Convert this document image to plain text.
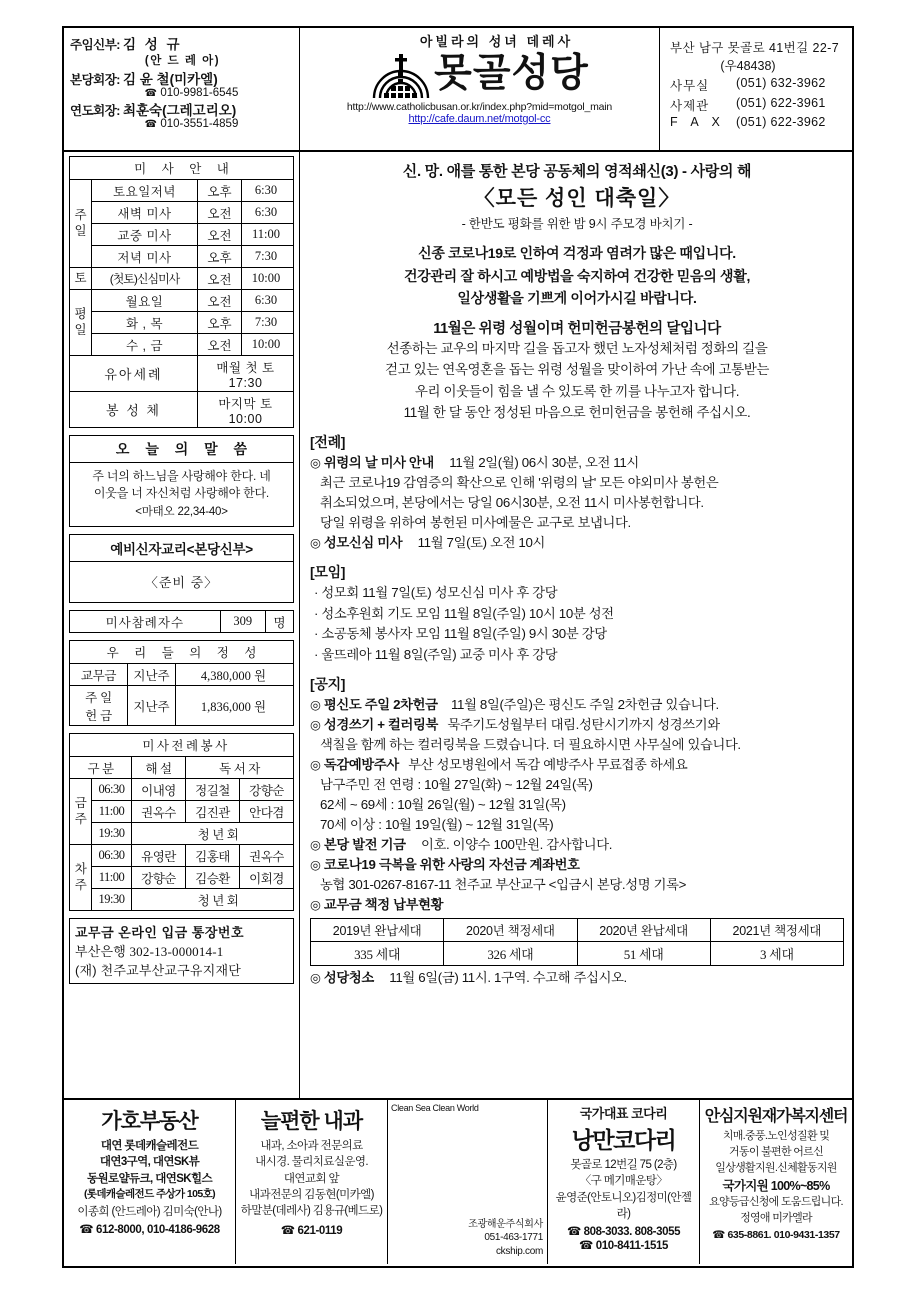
주임신부: 김 성 규
(안 드 레 아)
본당회장: 김 윤 철(미카엘)
☎ 010-9981-6545
연도회장: 최훈숙(그레고리오)
☎ 010-3551-4859
아빌라의 성녀 데레사
못골성당
http://www.catholicbusan.or.kr/index.php?mid=motgol_main
http://cafe.daum.net/motgol-cc
부산 남구 못골로 41번길 22-7
(우48438)
사무실	(051) 632-3962
사제관	(051) 622-3961
F A X (051) 622-3962
미 사 안 내			
주
일	토요일저녁	오후	6:30
	새벽 미사	오전	6:30
	교중 미사	오전	11:00
	저녁 미사	오후	7:30
토	(첫토)신심미사	오전	10:00
평
일	월요일	오전	6:30
	화 , 목	오후	7:30
	수 , 금	오전	10:00
유아세례		매월 첫 토 17:30	
봉 성 체		마지막 토 10:00	
오 늘 의 말 씀
주 너의 하느님을 사랑해야 한다. 네
이웃을 너 자신처럼 사랑해야 한다.
<마태오 22,34-40>
예비신자교리<본당신부>
〈준비 중〉
미사참례자수	309	명
우 리 들 의 정 성		
교무금	지난주	4,380,000 원

주 일
헌 금	지난주	1,836,000 원
미 사 전 례 봉 사				
구 분		해 설	독 서 자	
금
주	06:30	이내영	정길철	강향순
	11:00	권옥수	김진관	안다겸
	19:30	청 년 회		
차
주	06:30	유영란	김홍태	권옥수
	11:00	강향순	김승환	이회경
	19:30	청 년 회		
교무금 온라인 입금 통장번호
부산은행 302-13-000014-1
(재) 천주교부산교구유지재단
신. 망. 애를 통한 본당 공동체의 영적쇄신(3) - 사랑의 해
〈모든 성인 대축일〉
- 한반도 평화를 위한 밤 9시 주모경 바치기 -
신종 코로나19로 인하여 걱정과 염려가 많은 때입니다.
건강관리 잘 하시고 예방법을 숙지하여 건강한 믿음의 생활,
일상생활을 기쁘게 이어가시길 바랍니다.
11월은 위령 성월이며 헌미헌금봉헌의 달입니다
선종하는 교우의 마지막 길을 돕고자 했던 노자성체처럼 정화의 길을
걷고 있는 연옥영혼을 돕는 위령 성월을 맞이하여 가난 속에 고통받는
우리 이웃들이 힘을 낼 수 있도록 한 끼를 나누고자 합니다.
11월 한 달 동안 정성된 마음으로 헌미헌금을 봉헌해 주십시오.
[전례]
◎ 위령의 날 미사 안내 11월 2일(월) 06시 30분, 오전 11시
최근 코로나19 감염증의 확산으로 인해 '위령의 날' 모든 야외미사 봉헌은
취소되었으며, 본당에서는 당일 06시30분, 오전 11시 미사봉헌합니다.
당일 위령을 위하여 봉헌된 미사예물은 교구로 보냅니다.
◎ 성모신심 미사 11월 7일(토) 오전 10시
[모임]
· 성모회 11월 7일(토) 성모신심 미사 후 강당
· 성소후원회 기도 모임 11월 8일(주일) 10시 10분 성전
· 소공동체 봉사자 모임 11월 8일(주일) 9시 30분 강당
· 울뜨레아 11월 8일(주일) 교중 미사 후 강당
[공지]
◎ 평신도 주일 2차헌금 11월 8일(주일)은 평신도 주일 2차헌금 있습니다.
◎ 성경쓰기 + 컬러링북 묵주기도성월부터 대림.성탄시기까지 성경쓰기와
색칠을 함께 하는 컬러링북을 드렸습니다. 더 필요하시면 사무실에 있습니다.
◎ 독감예방주사 부산 성모병원에서 독감 예방주사 무료접종 하세요
남구주민 전 연령 : 10월 27일(화) ~ 12월 24일(목)
62세 ~ 69세 : 10월 26일(월) ~ 12월 31일(목)
70세 이상 : 10월 19일(월) ~ 12월 31일(목)
◎ 본당 발전 기금 이호. 이양수 100만원. 감사합니다.
◎ 코로나19 극복을 위한 사랑의 자선금 계좌번호
농협 301-0267-8167-11 천주교 부산교구 <입금시 본당.성명 기록>
◎ 교무금 책정 납부현황
2019년 완납세대	2020년 책정세대	2020년 완납세대	2021년 책정세대
335 세대	326 세대	51 세대	3 세대
◎ 성당청소 11월 6일(금) 11시. 1구역. 수고해 주십시오.
가호부동산
대연 롯데캐슬레전드
대연3구역, 대연SK뷰
동원로얄듀크, 대연SK힐스
(롯데캐슬레전드 주상가 105호)
이종희 (안드레아) 김미숙(안나)
☎ 612-8000, 010-4186-9628
늘편한 내과
내과, 소아과 전문의료
내시경. 물리치료실운영.
대연교회 앞
내과전문의 김동현(미카엘)
하말분(데레사) 김용규(베드로)
☎ 621-0119
Clean Sea Clean World
조광해운주식회사
051-463-1771
ckship.com
국가대표 코다리
낭만코다리
못골로 12번길 75 (2층)
〈구 메기매운탕〉
윤영준(안토니오)김정미(안젤라)
☎ 808-3033. 808-3055
☎ 010-8411-1515
안심지원재가복지센터
치매.중풍.노인성질환 및
거동이 불편한 어르신
일상생활지원.신체활동지원
국가지원 100%~85%
요양등급신청에 도움드립니다.
정영애 미카엘라
☎ 635-8861. 010-9431-1357
